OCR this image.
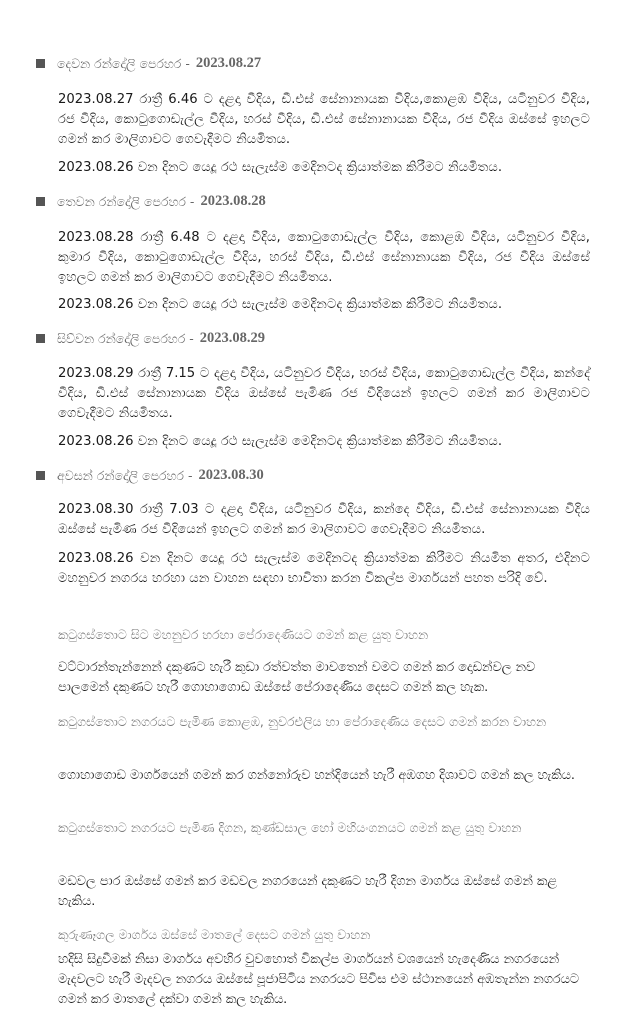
දෙවන රන්දෝලි පෙරහර - 2023.08.27
2023.08.27 රාත්‍රී 6.46 ට දළදා වීදිය, ඩී.එස් සේනානායක වීදිය,කොළඹ වීදිය, යටිනුවර වීදිය, රජ වීදිය, කොටුගොඩැල්ල වීදිය, හරස් වීදිය, ඩී.එස් සේනානායක වීදිය, රජ වීදිය ඔස්සේ ඉහලට ගමන් කර මාලිගාවට ගෙවැදීමට නියමිතය.
2023.08.26 වන දිනට යෙදූ රථ සැලැස්ම මෙදිනටද ක්‍රියාත්මක කිරීමට නියමිතය.
තෙවන රන්දෝලි පෙරහර - 2023.08.28
2023.08.28 රාත්‍රී 6.48 ට දළදා වීදිය, කොටුගොඩැල්ල වීදිය, කොළඹ වීදිය, යටිනුවර වීදිය, කුමාර වීදිය, කොටුගොඩැල්ල වීදිය, හරස් වීදිය, ඩී.එස් සේනානායක වීදිය, රජ වීදිය ඔස්සේ ඉහලට ගමන් කර මාලිගාවට ගෙවැදීමට නියමිතය.
2023.08.26 වන දිනට යෙදූ රථ සැලැස්ම මෙදිනටද ක්‍රියාත්මක කිරීමට නියමිතය.
සිව්වන රන්දෝලි පෙරහර - 2023.08.29
2023.08.29 රාත්‍රී 7.15 ට දළදා වීදිය, යටිනුවර වීදිය, හරස් වීදිය, කොටුගොඩැල්ල වීදිය, කන්දේ වීදිය, ඩී.එස් සේනානායක වීදිය ඔස්සේ පැමිණ රජ වීදියෙන් ඉහලට ගමන් කර මාලිගාවට ගෙවැදීමට නියමිතය.
2023.08.26 වන දිනට යෙදූ රථ සැලැස්ම මෙදිනටද ක්‍රියාත්මක කිරීමට නියමිතය.
අවසන් රන්දෝලි පෙරහර - 2023.08.30
2023.08.30 රාත්‍රී 7.03 ට දළදා වීදිය, යටිනුවර වීදිය, කන්දෙ වීදිය, ඩී.එස් සේනානායක වීදිය ඔස්සේ පැමිණ රජ වීදියෙන් ඉහලට ගමන් කර මාලිගාවට ගෙවැදීමට නියමිතය.
2023.08.26 වන දිනට යෙදූ රථ සැලැස්ම මෙදිනටද ක්‍රියාත්මක කිරීමට නියමිත අතර, එදිනට මහනුවර නගරය හරහා යන වාහන සඳහා භාවිතා කරන විකල්ප මාර්ගයන් පහත පරිදි වේ.
කටුගස්තොට සිට මහනුවර හරහා පේරාදෙණියට ගමන් කළ යුතු වාහන
වට්ටාරන්තැන්නෙන් දකුණට හැරී කුඩා රත්වත්ත මාවතෙන් වමට ගමන් කර දොඩන්වල නව පාලමෙන් දකුණට හැරී ගොහාගොඩ ඔස්සේ පේරාදෙණිය දෙසට ගමන් කල හැක.
කටුගස්තොට නගරයට පැමිණ කොළඹ, නුවරඑලිය හා පේරාදෙණිය දෙසට ගමන් කරන වාහන
ගොහාගොඩ මාර්ගයෙන් ගමන් කර ගන්නෝරුව හන්දියෙන් හැරී අඹගහ දිශාවට ගමන් කල හැකිය.
කටුගස්තොට නගරයට පැමිණ දිගන, කුණ්ඩසාල හෝ මහියංගනයට ගමන් කළ යුතු වාහන
මඩවල පාර ඔස්සේ ගමන් කර මඩවල නගරයෙන් දකුණට හැරී දිගන මාර්ගය ඔස්සේ ගමන් කළ හැකිය.
කුරුණෑගල මාර්ගය ඔස්සේ මාතලේ දෙසට ගමන් යුතු වාහන
හදිසි සිදුවීමක් නිසා මාර්ගය අවහිර වුවහොත් විකල්ප මාර්ගයන් වශයෙන් හැදෙණිය නගරයෙන් මැදවලට හැරී මැදවල නගරය ඔස්සේ පූජාපිටිය නගරයට පිවිස එම ස්ථානයෙන් අඹතැන්න නගරයට ගමන් කර මාතලේ දක්වා ගමන් කල හැකිය.
